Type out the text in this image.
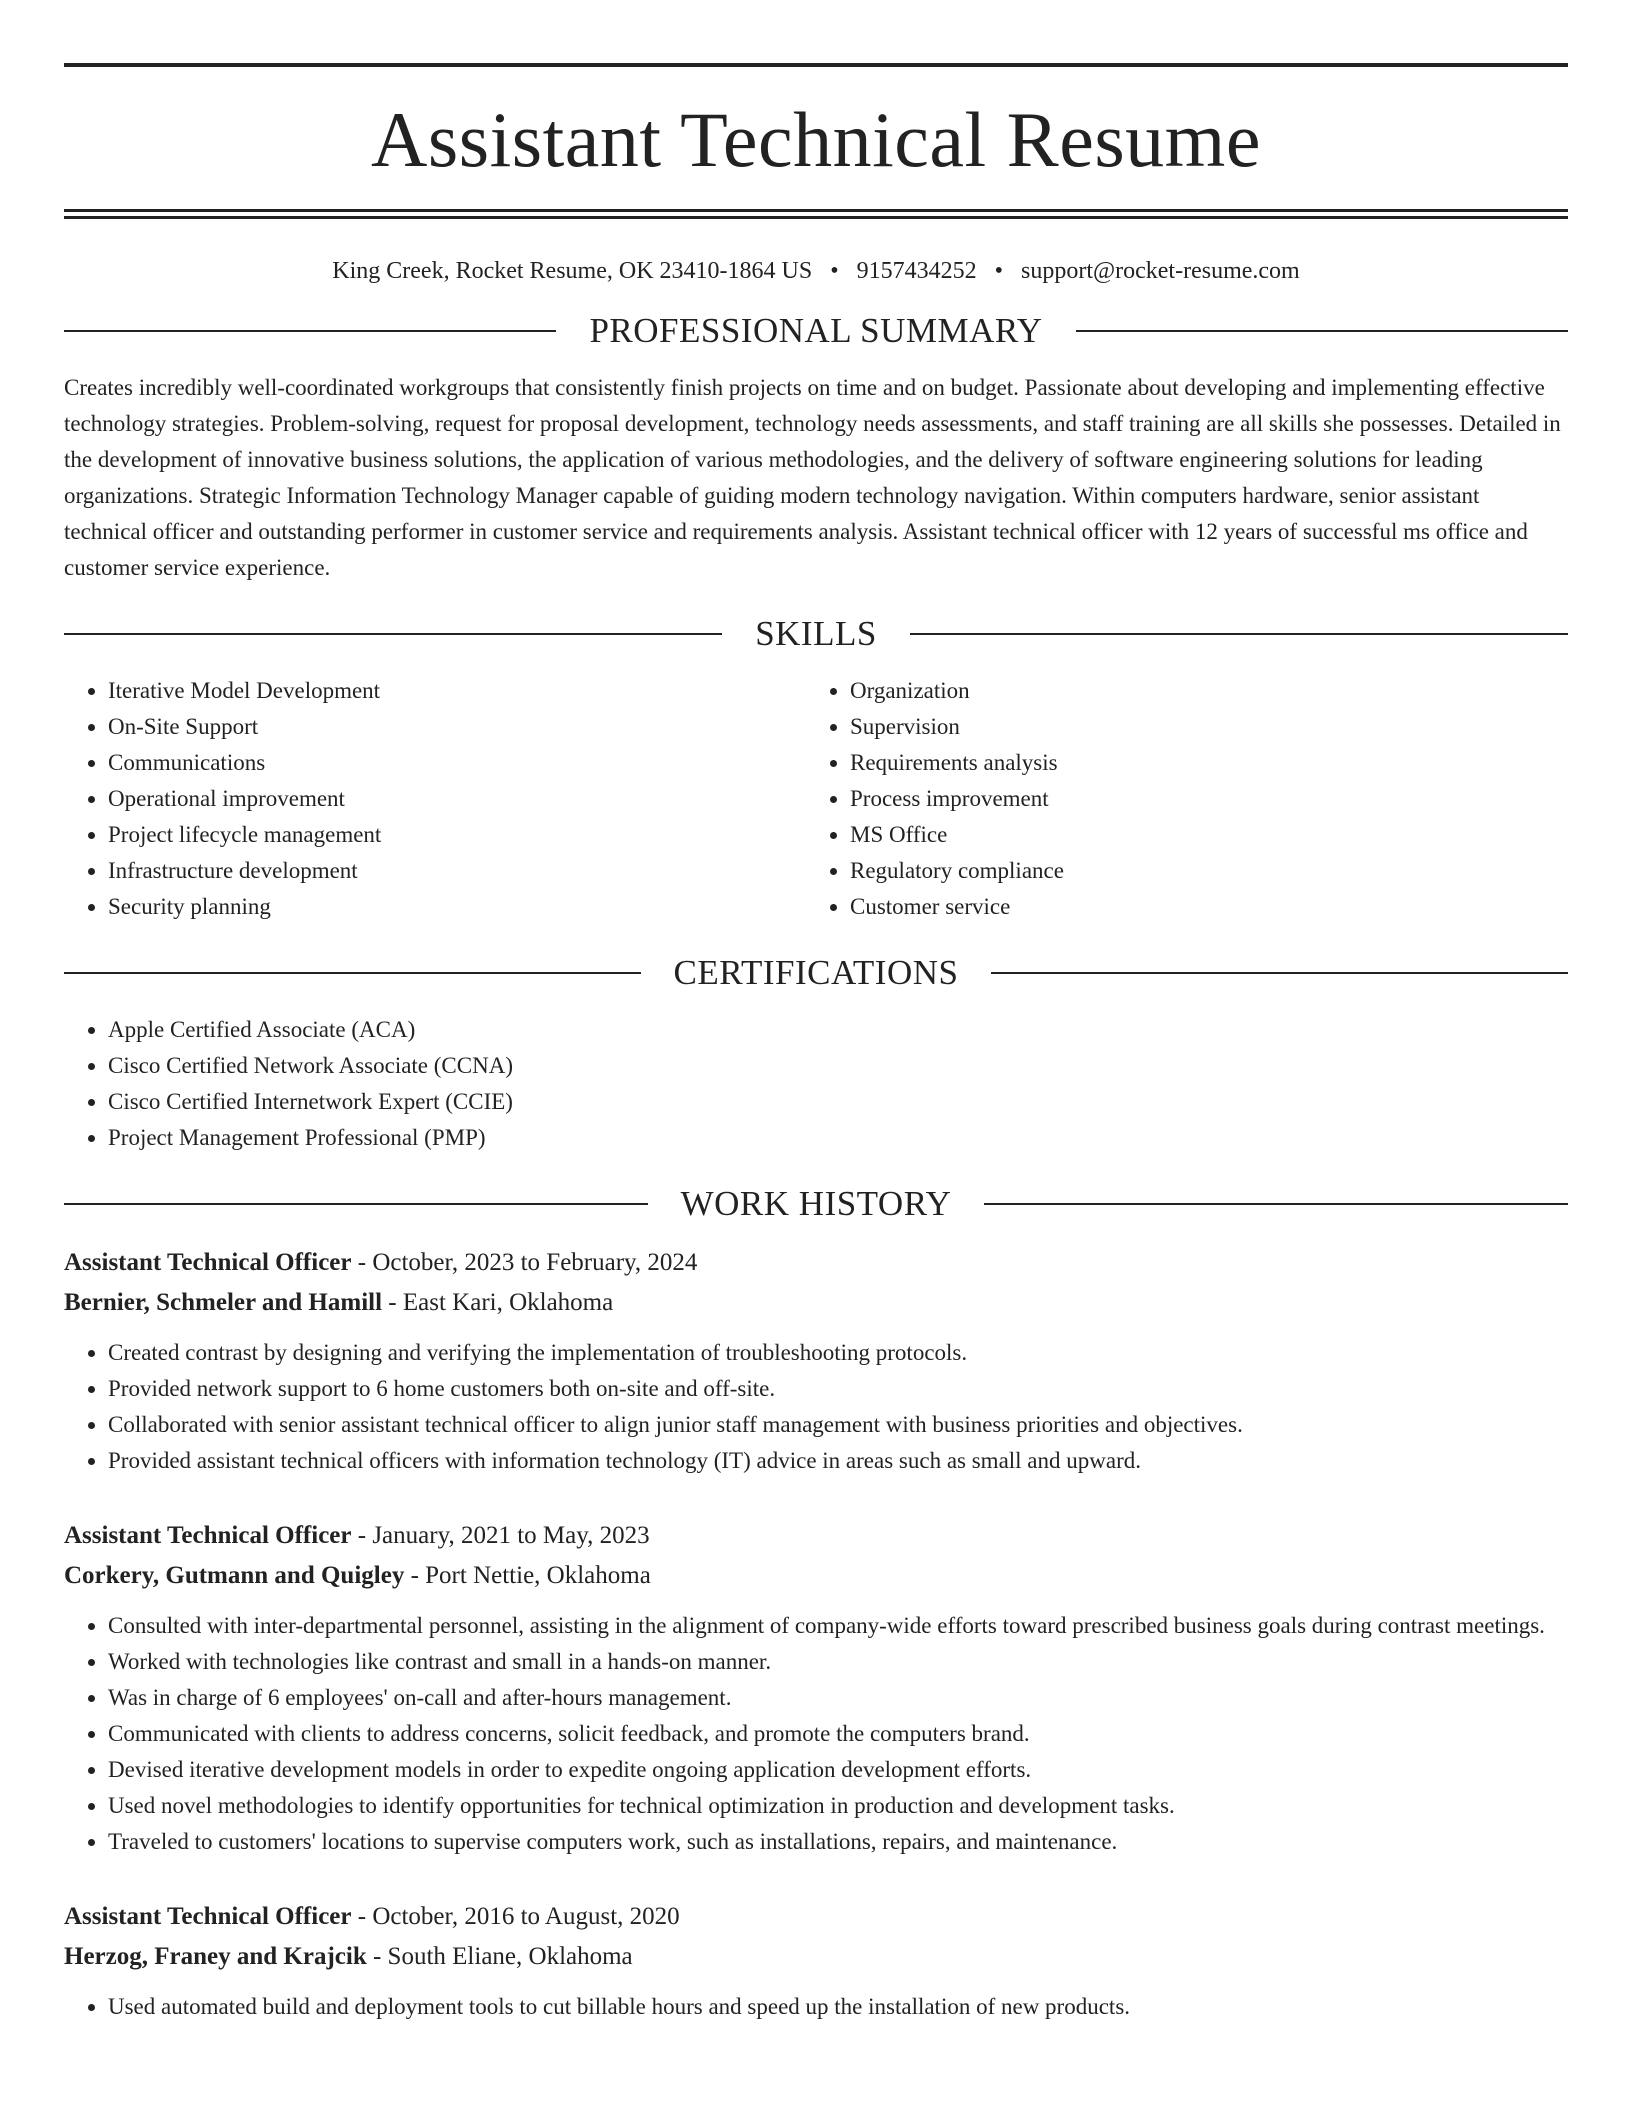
Assistant Technical Resume
King Creek, Rocket Resume, OK 23410-1864 US • 9157434252 • support@rocket-resume.com
PROFESSIONAL SUMMARY
Creates incredibly well-coordinated workgroups that consistently finish projects on time and on budget. Passionate about developing and implementing effective technology strategies. Problem-solving, request for proposal development, technology needs assessments, and staff training are all skills she possesses. Detailed in the development of innovative business solutions, the application of various methodologies, and the delivery of software engineering solutions for leading organizations. Strategic Information Technology Manager capable of guiding modern technology navigation. Within computers hardware, senior assistant technical officer and outstanding performer in customer service and requirements analysis. Assistant technical officer with 12 years of successful ms office and customer service experience.
SKILLS
• Iterative Model Development
• On-Site Support
• Communications
• Operational improvement
• Project lifecycle management
• Infrastructure development
• Security planning
• Organization
• Supervision
• Requirements analysis
• Process improvement
• MS Office
• Regulatory compliance
• Customer service
CERTIFICATIONS
• Apple Certified Associate (ACA)
• Cisco Certified Network Associate (CCNA)
• Cisco Certified Internetwork Expert (CCIE)
• Project Management Professional (PMP)
WORK HISTORY
Assistant Technical Officer - October, 2023 to February, 2024
Bernier, Schmeler and Hamill - East Kari, Oklahoma
• Created contrast by designing and verifying the implementation of troubleshooting protocols.
• Provided network support to 6 home customers both on-site and off-site.
• Collaborated with senior assistant technical officer to align junior staff management with business priorities and objectives.
• Provided assistant technical officers with information technology (IT) advice in areas such as small and upward.
Assistant Technical Officer - January, 2021 to May, 2023
Corkery, Gutmann and Quigley - Port Nettie, Oklahoma
• Consulted with inter-departmental personnel, assisting in the alignment of company-wide efforts toward prescribed business goals during contrast meetings.
• Worked with technologies like contrast and small in a hands-on manner.
• Was in charge of 6 employees' on-call and after-hours management.
• Communicated with clients to address concerns, solicit feedback, and promote the computers brand.
• Devised iterative development models in order to expedite ongoing application development efforts.
• Used novel methodologies to identify opportunities for technical optimization in production and development tasks.
• Traveled to customers' locations to supervise computers work, such as installations, repairs, and maintenance.
Assistant Technical Officer - October, 2016 to August, 2020
Herzog, Franey and Krajcik - South Eliane, Oklahoma
• Used automated build and deployment tools to cut billable hours and speed up the installation of new products.
